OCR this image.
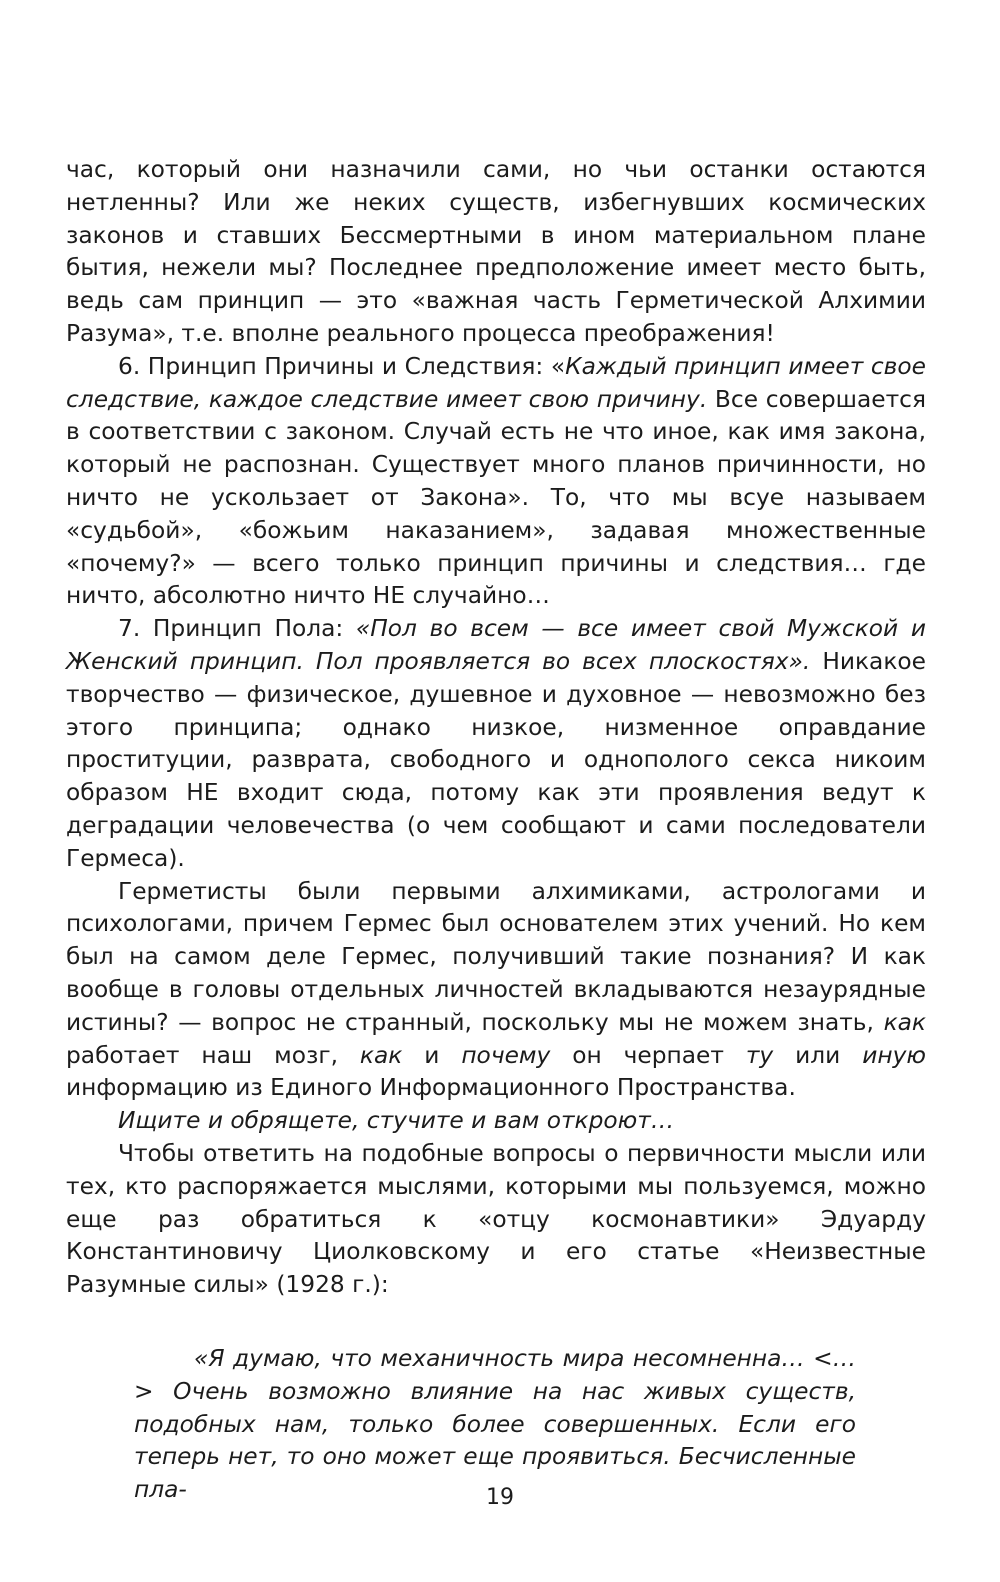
час, который они назначили сами, но чьи останки остаются нетленны? Или же неких существ, избегнувших космических законов и ставших Бессмертными в ином материальном плане бытия, нежели мы? Последнее предположение имеет место быть, ведь сам принцип — это «важная часть Герметической Алхимии Разума», т.е. вполне реального процесса преображения!

6. Принцип Причины и Следствия: «Каждый принцип имеет свое следствие, каждое следствие имеет свою причину. Все совершается в соответствии с законом. Случай есть не что иное, как имя закона, который не распознан. Существует много планов причинности, но ничто не ускользает от Закона». То, что мы всуе называем «судьбой», «божьим наказанием», задавая множественные «почему?» — всего только принцип причины и следствия… где ничто, абсолютно ничто НЕ случайно…

7. Принцип Пола: «Пол во всем — все имеет свой Мужской и Женский принцип. Пол проявляется во всех плоскостях». Никакое творчество — физическое, душевное и духовное — невозможно без этого принципа; однако низкое, низменное оправдание проституции, разврата, свободного и однополого секса никоим образом НЕ входит сюда, потому как эти проявления ведут к деградации человечества (о чем сообщают и сами последователи Гермеса).

Герметисты были первыми алхимиками, астрологами и психологами, причем Гермес был основателем этих учений. Но кем был на самом деле Гермес, получивший такие познания? И как вообще в головы отдельных личностей вкладываются незаурядные истины? — вопрос не странный, поскольку мы не можем знать, как работает наш мозг, как и почему он черпает ту или иную информацию из Единого Информационного Пространства.

Ищите и обрящете, стучите и вам откроют…

Чтобы ответить на подобные вопросы о первичности мысли или тех, кто распоряжается мыслями, которыми мы пользуемся, можно еще раз обратиться к «отцу космонавтики» Эдуарду Константиновичу Циолковскому и его статье «Неизвестные Разумные силы» (1928 г.):

«Я думаю, что механичность мира несомненна… <…> Очень возможно влияние на нас живых существ, подобных нам, только более совершенных. Если его теперь нет, то оно может еще проявиться. Бесчисленные пла-	19
